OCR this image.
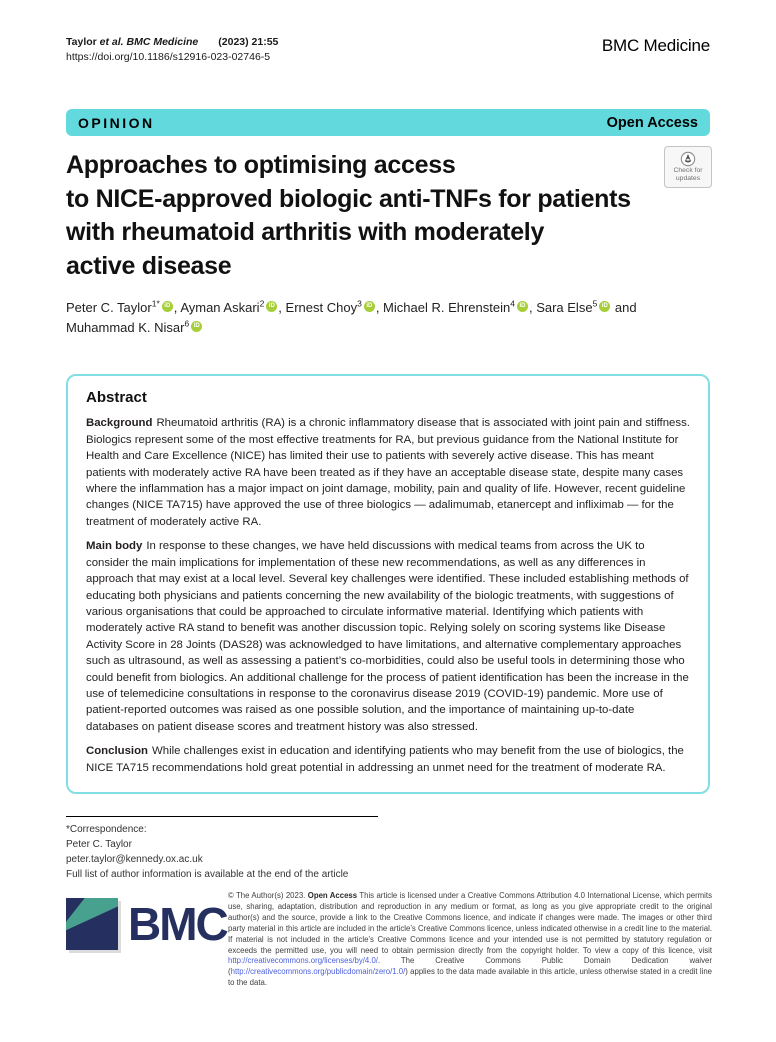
Taylor et al. BMC Medicine (2023) 21:55
https://doi.org/10.1186/s12916-023-02746-5
BMC Medicine
OPINION	Open Access
Check for
updates
Approaches to optimising access
to NICE-approved biologic anti-TNFs for patients
with rheumatoid arthritis with moderately
active disease
Peter C. Taylor$^{1*}$ iD , Ayman Askari$^2$ iD , Ernest Choy$^3$ iD , Michael R. Ehrenstein$^4$ iD , Sara Else$^5$ iD and Muhammad K. Nisar$^6$ iD
Abstract

Background Rheumatoid arthritis (RA) is a chronic inflammatory disease that is associated with joint pain and stiffness. Biologics represent some of the most effective treatments for RA, but previous guidance from the National Institute for Health and Care Excellence (NICE) has limited their use to patients with severely active disease. This has meant patients with moderately active RA have been treated as if they have an acceptable disease state, despite many cases where the inflammation has a major impact on joint damage, mobility, pain and quality of life. However, recent guideline changes (NICE TA715) have approved the use of three biologics — adalimumab, etanercept and infliximab — for the treatment of moderately active RA.

Main body In response to these changes, we have held discussions with medical teams from across the UK to consider the main implications for implementation of these new recommendations, as well as any differences in approach that may exist at a local level. Several key challenges were identified. These included establishing methods of educating both physicians and patients concerning the new availability of the biologic treatments, with suggestions of various organisations that could be approached to circulate informative material. Identifying which patients with moderately active RA stand to benefit was another discussion topic. Relying solely on scoring systems like Disease Activity Score in 28 Joints (DAS28) was acknowledged to have limitations, and alternative complementary approaches such as ultrasound, as well as assessing a patient’s co-morbidities, could also be useful tools in determining those who could benefit from biologics. An additional challenge for the process of patient identification has been the increase in the use of telemedicine consultations in response to the coronavirus disease 2019 (COVID-19) pandemic. More use of patient-reported outcomes was raised as one possible solution, and the importance of maintaining up-to-date databases on patient disease scores and treatment history was also stressed.

Conclusion While challenges exist in education and identifying patients who may benefit from the use of biologics, the NICE TA715 recommendations hold great potential in addressing an unmet need for the treatment of moderate RA.

*Correspondence:
Peter C. Taylor
peter.taylor@kennedy.ox.ac.uk
Full list of author information is available at the end of the article
BMC
© The Author(s) 2023. Open Access This article is licensed under a Creative Commons Attribution 4.0 International License, which permits use, sharing, adaptation, distribution and reproduction in any medium or format, as long as you give appropriate credit to the original author(s) and the source, provide a link to the Creative Commons licence, and indicate if changes were made. The images or other third party material in this article are included in the article’s Creative Commons licence, unless indicated otherwise in a credit line to the material. If material is not included in the article’s Creative Commons licence and your intended use is not permitted by statutory regulation or exceeds the permitted use, you will need to obtain permission directly from the copyright holder. To view a copy of this licence, visit http://creativecommons.org/licenses/by/4.0/. The Creative Commons Public Domain Dedication waiver (http://creativecommons.org/publicdomain/zero/1.0/) applies to the data made available in this article, unless otherwise stated in a credit line to the data.
